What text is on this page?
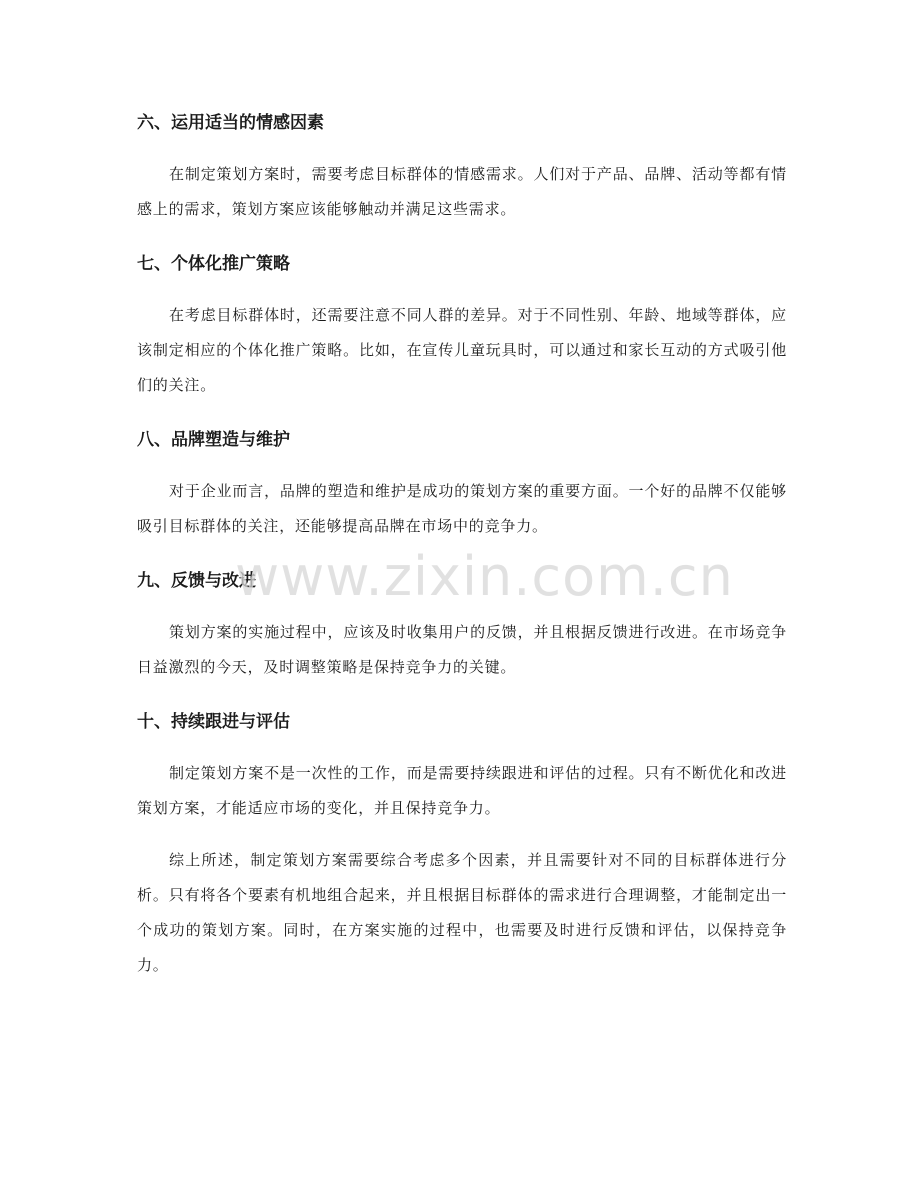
六、运用适当的情感因素

在制定策划方案时，需要考虑目标群体的情感需求。人们对于产品、品牌、活动等都有情感上的需求，策划方案应该能够触动并满足这些需求。

七、个体化推广策略

在考虑目标群体时，还需要注意不同人群的差异。对于不同性别、年龄、地域等群体，应该制定相应的个体化推广策略。比如，在宣传儿童玩具时，可以通过和家长互动的方式吸引他们的关注。

八、品牌塑造与维护

对于企业而言，品牌的塑造和维护是成功的策划方案的重要方面。一个好的品牌不仅能够吸引目标群体的关注，还能够提高品牌在市场中的竞争力。

九、反馈与改进

策划方案的实施过程中，应该及时收集用户的反馈，并且根据反馈进行改进。在市场竞争日益激烈的今天，及时调整策略是保持竞争力的关键。

十、持续跟进与评估

制定策划方案不是一次性的工作，而是需要持续跟进和评估的过程。只有不断优化和改进策划方案，才能适应市场的变化，并且保持竞争力。

综上所述，制定策划方案需要综合考虑多个因素，并且需要针对不同的目标群体进行分析。只有将各个要素有机地组合起来，并且根据目标群体的需求进行合理调整，才能制定出一个成功的策划方案。同时，在方案实施的过程中，也需要及时进行反馈和评估，以保持竞争力。

www.zixin.com.cn
